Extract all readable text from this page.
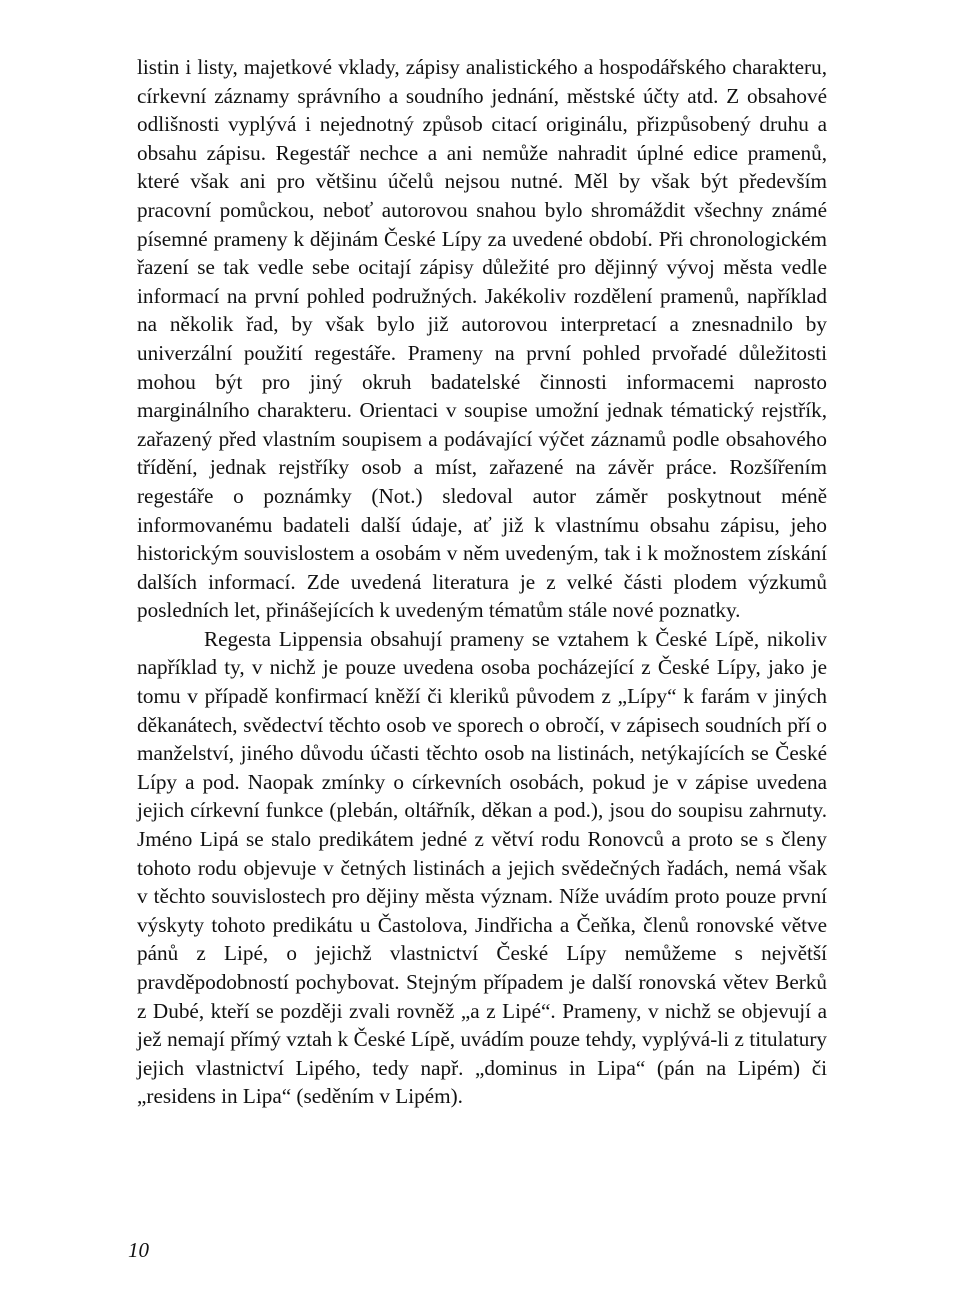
listin i listy, majetkové vklady, zápisy analistického a hospodářského charakteru, církevní záznamy správního a soudního jednání, městské účty atd. Z obsahové odlišnosti vyplývá i nejednotný způsob citací originálu, přizpůsobený druhu a obsahu zápisu. Regestář nechce a ani nemůže nahradit úplné edice pramenů, které však ani pro většinu účelů nejsou nutné. Měl by však být především pracovní pomůckou, neboť autorovou snahou bylo shromáždit všechny známé písemné prameny k dějinám České Lípy za uvedené období. Při chronologickém řazení se tak vedle sebe ocitají zápisy důležité pro dějinný vývoj města vedle informací na první pohled podružných. Jakékoliv rozdělení pramenů, například na několik řad, by však bylo již autorovou interpretací a znesnadnilo by univerzální použití regestáře. Prameny na první pohled prvořadé důležitosti mohou být pro jiný okruh badatelské činnosti informacemi naprosto marginálního charakteru. Orientaci v soupise umožní jednak tématický rejstřík, zařazený před vlastním soupisem a podávající výčet záznamů podle obsahového třídění, jednak rejstříky osob a míst, zařazené na závěr práce. Rozšířením regestáře o poznámky (Not.) sledoval autor záměr poskytnout méně informovanému badateli další údaje, ať již k vlastnímu obsahu zápisu, jeho historickým souvislostem a osobám v něm uvedeným, tak i k možnostem získání dalších informací. Zde uvedená literatura je z velké části plodem výzkumů posledních let, přinášejících k uvedeným tématům stále nové poznatky.

Regesta Lippensia obsahují prameny se vztahem k České Lípě, nikoliv například ty, v nichž je pouze uvedena osoba pocházející z České Lípy, jako je tomu v případě konfirmací kněží či kleriků původem z „Lípy“ k farám v jiných děkanátech, svědectví těchto osob ve sporech o obročí, v zápisech soudních pří o manželství, jiného důvodu účasti těchto osob na listinách, netýkajících se České Lípy a pod. Naopak zmínky o církevních osobách, pokud je v zápise uvedena jejich církevní funkce (plebán, oltářník, děkan a pod.), jsou do soupisu zahrnuty. Jméno Lipá se stalo predikátem jedné z větví rodu Ronovců a proto se s členy tohoto rodu objevuje v četných listinách a jejich svědečných řadách, nemá však v těchto souvislostech pro dějiny města význam. Níže uvádím proto pouze první výskyty tohoto predikátu u Častolova, Jindřicha a Čeňka, členů ronovské větve pánů z Lipé, o jejichž vlastnictví České Lípy nemůžeme s největší pravděpodobností pochybovat. Stejným případem je další ronovská větev Berků z Dubé, kteří se později zvali rovněž „a z Lipé“. Prameny, v nichž se objevují a jež nemají přímý vztah k České Lípě, uvádím pouze tehdy, vyplývá-li z titulatury jejich vlastnictví Lipého, tedy např. „dominus in Lipa“ (pán na Lipém) či „residens in Lipa“ (seděním v Lipém).

10
